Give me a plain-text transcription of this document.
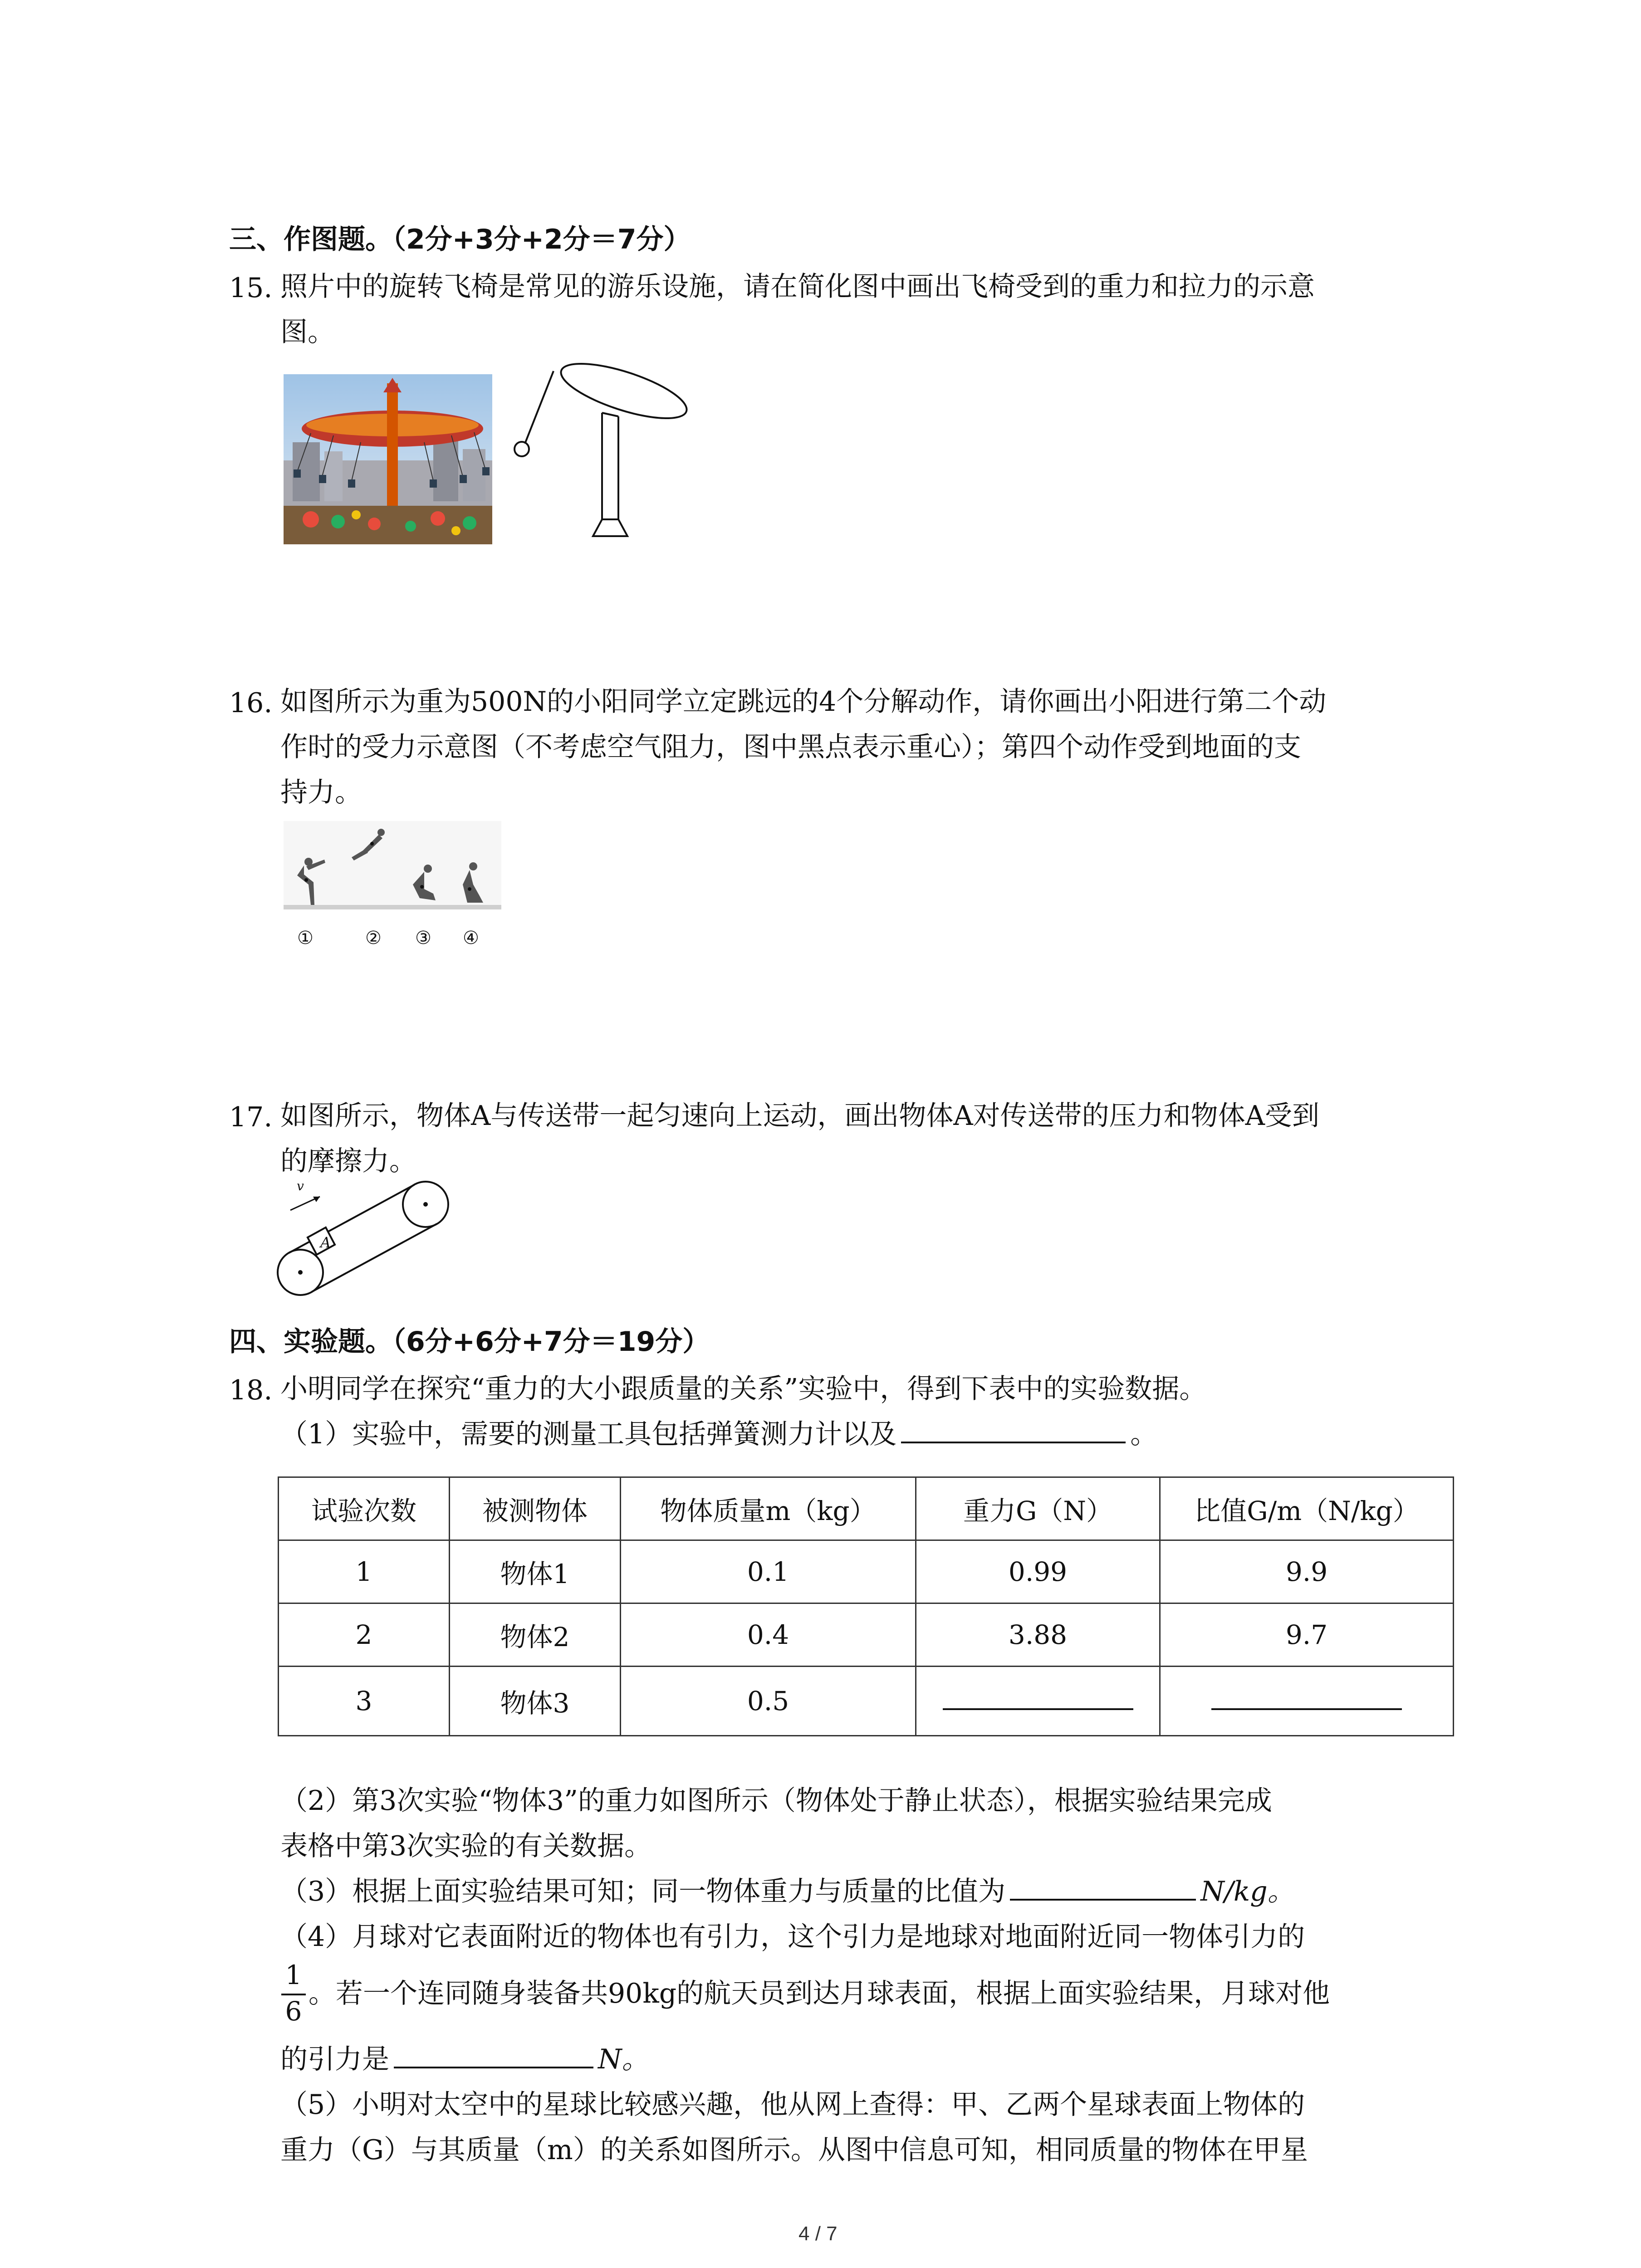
三、作图题。（2分+3分+2分＝7分）
15. 照片中的旋转飞椅是常见的游乐设施，请在简化图中画出飞椅受到的重力和拉力的示意
图。
16. 如图所示为重为500N的小阳同学立定跳远的4个分解动作，请你画出小阳进行第二个动
作时的受力示意图（不考虑空气阻力，图中黑点表示重心）；第四个动作受到地面的支
持力。
①	② ③ ④
17. 如图所示，物体A与传送带一起匀速向上运动，画出物体A对传送带的压力和物体A受到
的摩擦力。
v
A
四、实验题。（6分+6分+7分＝19分）
18. 小明同学在探究“重力的大小跟质量的关系”实验中，得到下表中的实验数据。
（1）实验中，需要的测量工具包括弹簧测力计以及	。
试验次数	被测物体	物体质量m（kg）	重力G（N）	比值G/m（N/kg）
1	物体1	0.1	0.99	9.9
2	物体2	0.4	3.88	9.7
3	物体3	0.5		
（2）第3次实验“物体3”的重力如图所示（物体处于静止状态），根据实验结果完成
表格中第3次实验的有关数据。
（3）根据上面实验结果可知；同一物体重力与质量的比值为	N/kg。
（4）月球对它表面附近的物体也有引力，这个引力是地球对地面附近同一物体引力的
1
6
。若一个连同随身装备共90kg的航天员到达月球表面，根据上面实验结果，月球对他
的引力是	N。
（5）小明对太空中的星球比较感兴趣，他从网上查得：甲、乙两个星球表面上物体的
重力（G）与其质量（m）的关系如图所示。从图中信息可知，相同质量的物体在甲星
4 / 7
